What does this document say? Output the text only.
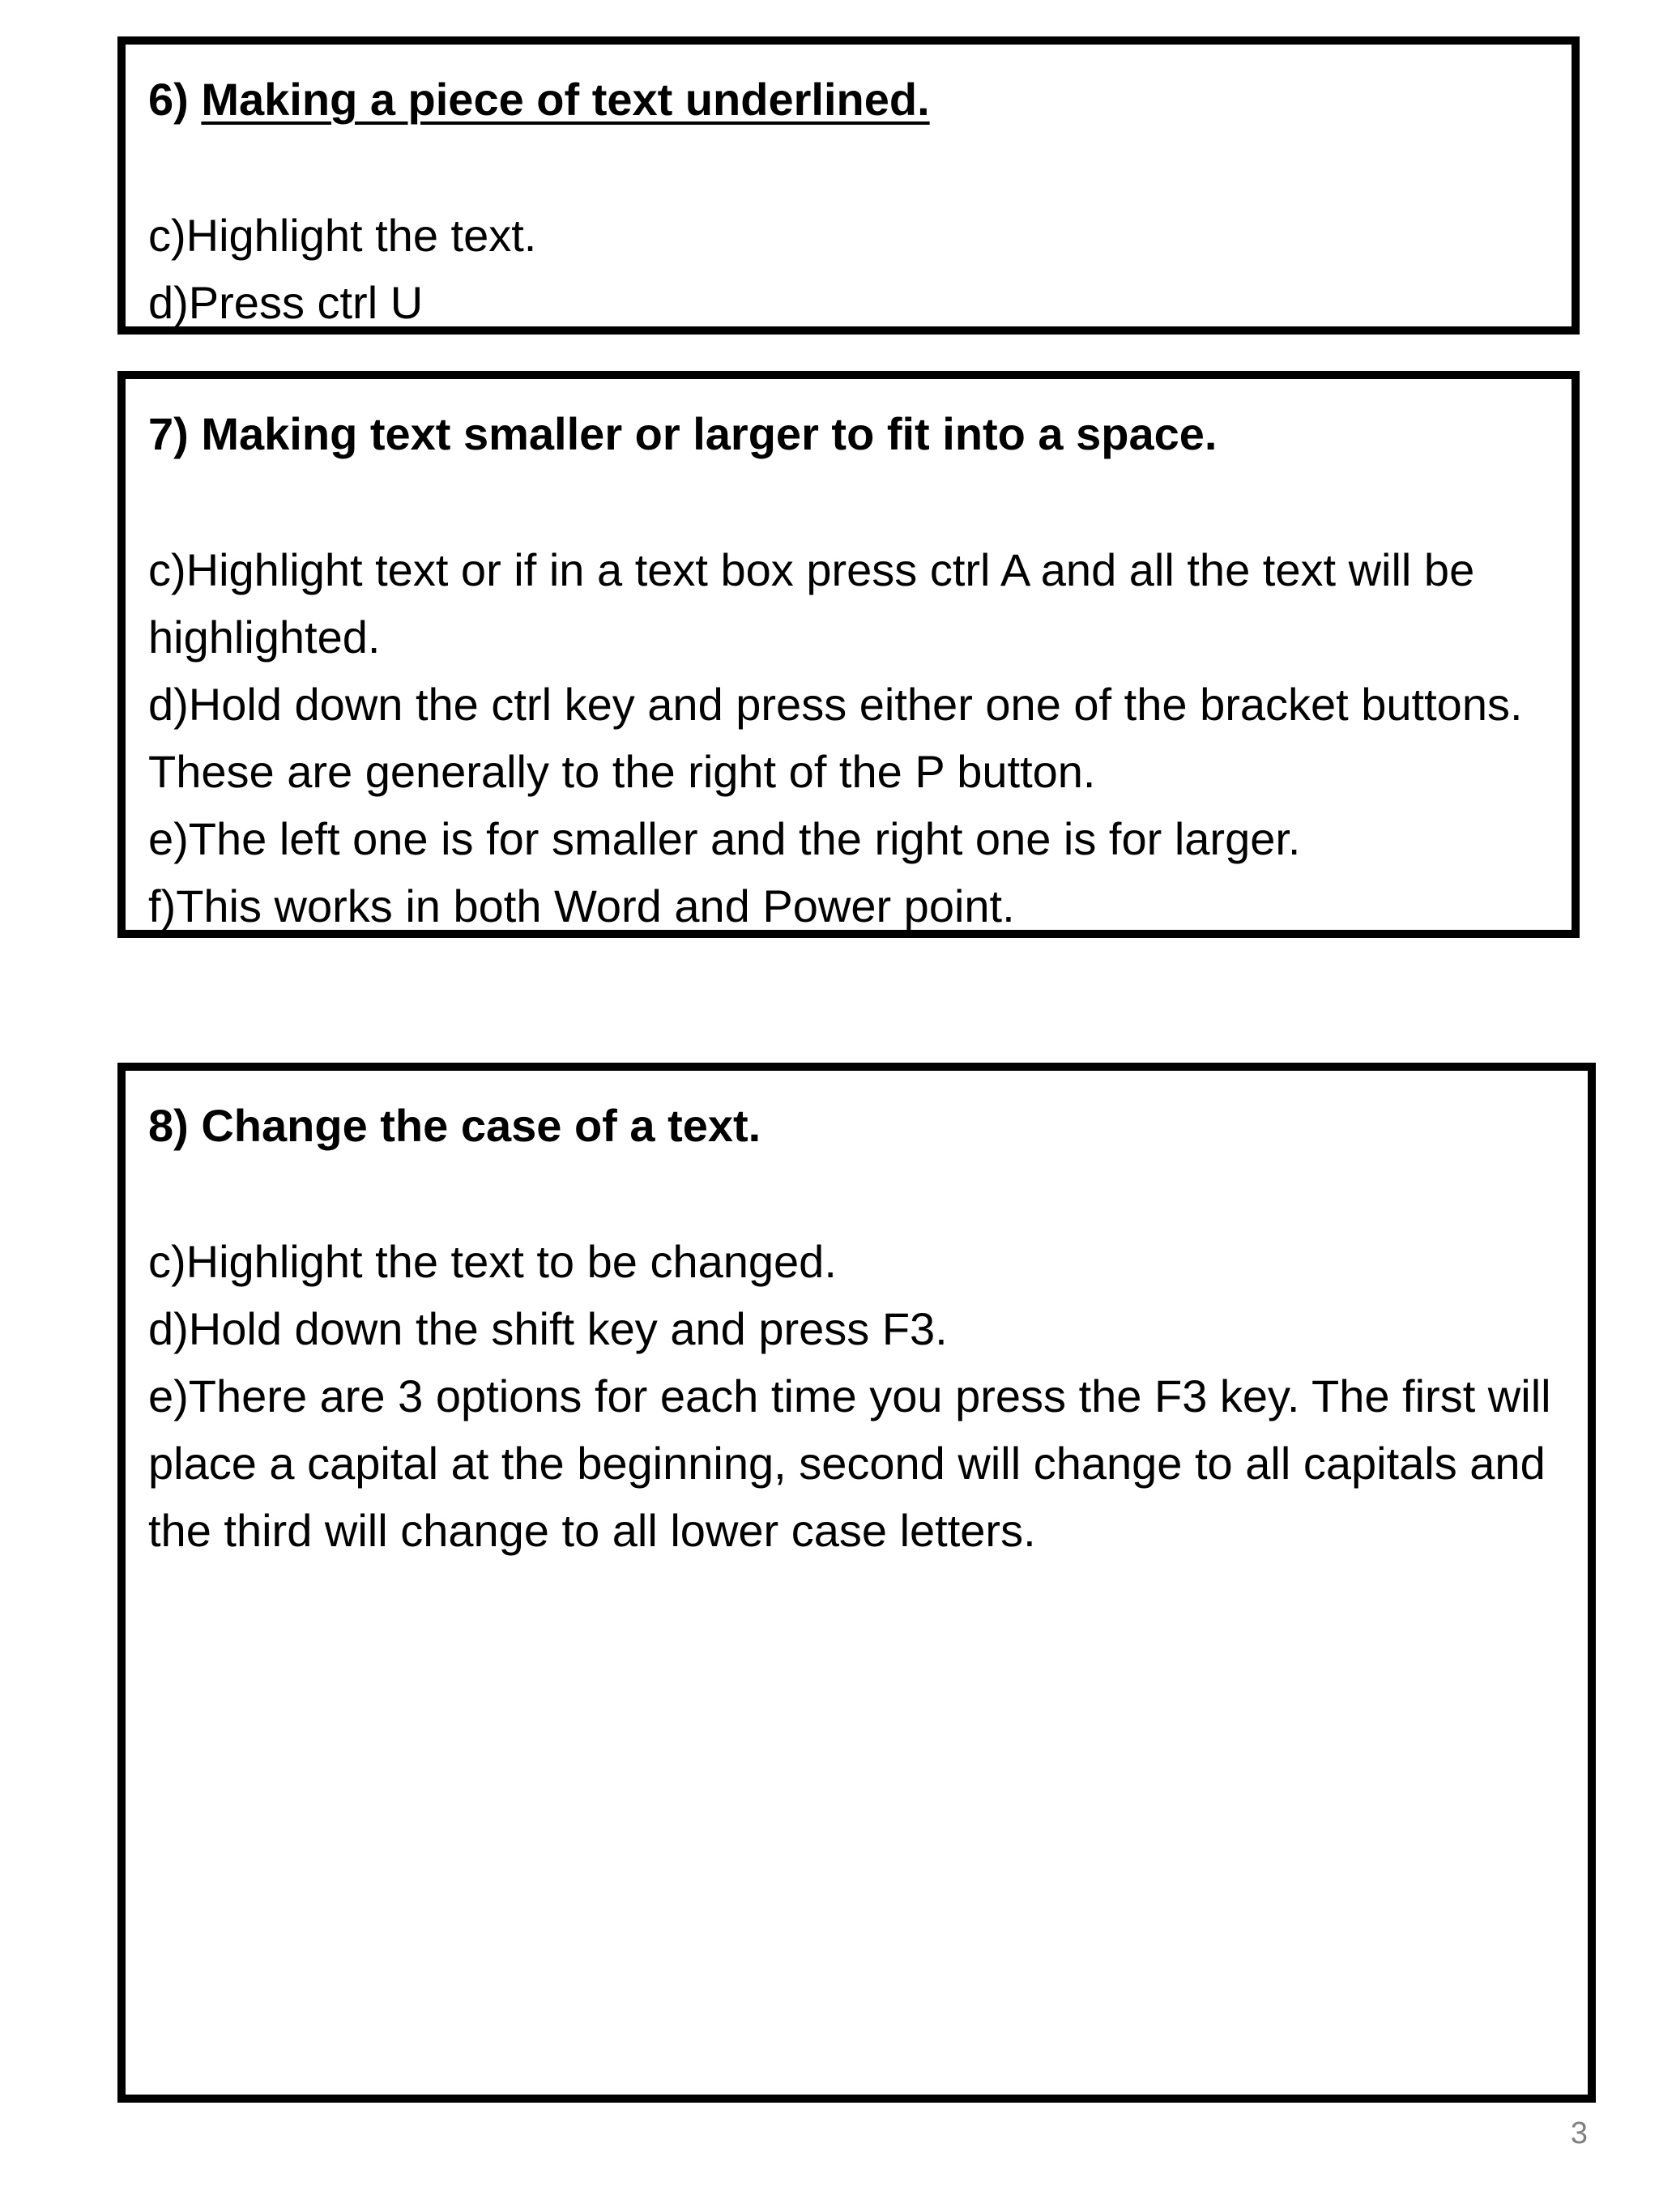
6) Making a piece of text underlined.
c)Highlight the text.
d)Press ctrl U
7) Making text smaller or larger to fit into a space.
c)Highlight text or if in a text box press ctrl A and all the text will be highlighted.
d)Hold down the ctrl key and press either one of the bracket buttons. These are generally to the right of the P button.
e)The left one is for smaller and the right one is for larger.
f)This works in both Word and Power point.
8) Change the case of a text.
c)Highlight the text to be changed.
d)Hold down the shift key and press F3.
e)There are 3 options for each time you press the F3 key. The first will place a capital at the beginning, second will change to all capitals and the third will change to all lower case letters.
3
